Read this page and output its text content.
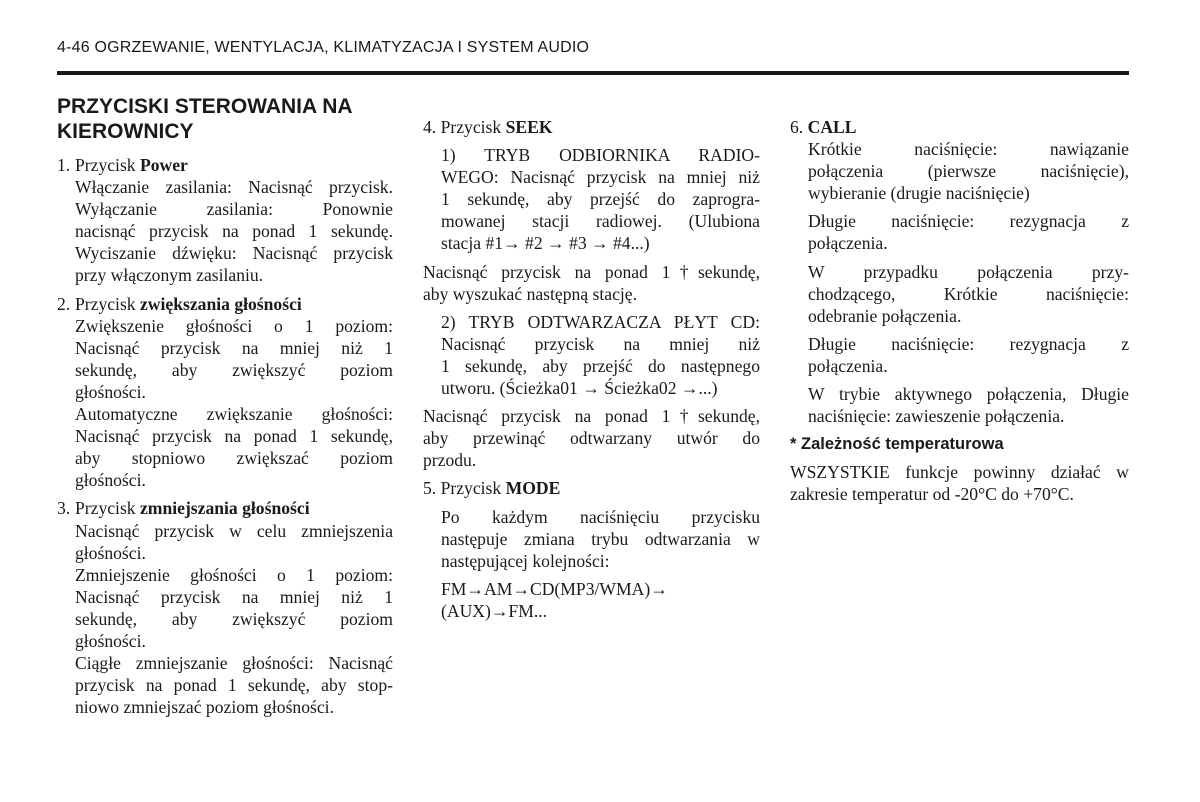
4-46 OGRZEWANIE, WENTYLACJA, KLIMATYZACJA I SYSTEM AUDIO
PRZYCISKI STEROWANIA NA
KIEROWNICY
1. Przycisk Power
Włączanie zasilania: Nacisnąć przycisk.
Wyłączanie zasilania: Ponownie
nacisnąć przycisk na ponad 1 sekundę.
Wyciszanie dźwięku: Nacisnąć przycisk
przy włączonym zasilaniu.
2. Przycisk zwiększania głośności
Zwiększenie głośności o 1 poziom:
Nacisnąć przycisk na mniej niż 1
sekundę, aby zwiększyć poziom
głośności.
Automatyczne zwiększanie głośności:
Nacisnąć przycisk na ponad 1 sekundę,
aby stopniowo zwiększać poziom
głośności.
3. Przycisk zmniejszania głośności
Nacisnąć przycisk w celu zmniejszenia
głośności.
Zmniejszenie głośności o 1 poziom:
Nacisnąć przycisk na mniej niż 1
sekundę, aby zwiększyć poziom
głośności.
Ciągłe zmniejszanie głośności: Nacisnąć
przycisk na ponad 1 sekundę, aby stop-
niowo zmniejszać poziom głośności.
4. Przycisk SEEK
1) TRYB ODBIORNIKA RADIO-
WEGO: Nacisnąć przycisk na mniej niż
1 sekundę, aby przejść do zaprogra-
mowanej stacji radiowej. (Ulubiona
stacja #1→ #2 → #3 → #4...)
Nacisnąć przycisk na ponad 1†sekundę,
aby wyszukać następną stację.
2) TRYB ODTWARZACZA PŁYT CD:
Nacisnąć przycisk na mniej niż
1 sekundę, aby przejść do następnego
utworu. (Ścieżka01 → Ścieżka02 →...)
Nacisnąć przycisk na ponad 1†sekundę,
aby przewinąć odtwarzany utwór do
przodu.
5. Przycisk MODE
Po każdym naciśnięciu przycisku
następuje zmiana trybu odtwarzania w
następującej kolejności:
FM→AM→CD(MP3/WMA)→
(AUX)→FM...
6. CALL
Krótkie naciśnięcie: nawiązanie
połączenia (pierwsze naciśnięcie),
wybieranie (drugie naciśnięcie)
Długie naciśnięcie: rezygnacja z
połączenia.
W przypadku połączenia przy-
chodzącego, Krótkie naciśnięcie:
odebranie połączenia.
Długie naciśnięcie: rezygnacja z
połączenia.
W trybie aktywnego połączenia, Długie
naciśnięcie: zawieszenie połączenia.
* Zależność temperaturowa
WSZYSTKIE funkcje powinny działać w
zakresie temperatur od -20°C do +70°C.
